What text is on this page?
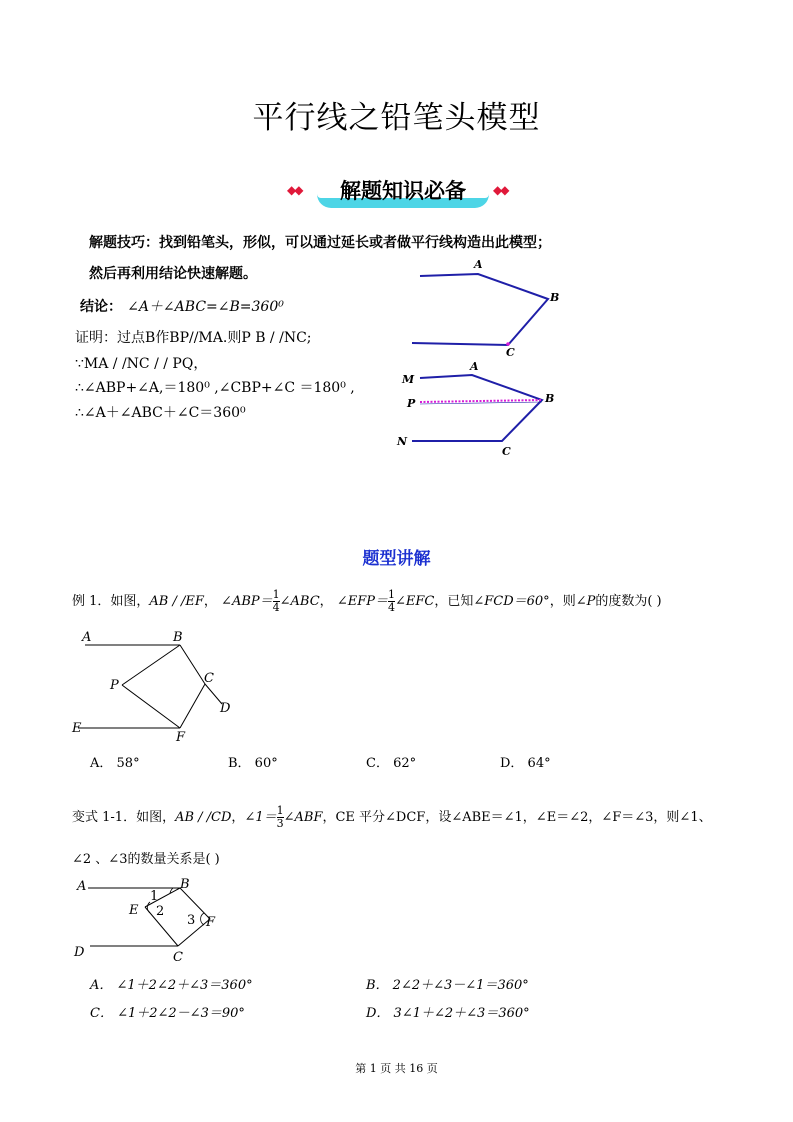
平行线之铅笔头模型
◆◆	解题知识必备	◆◆
解题技巧：找到铅笔头，形似，可以通过延长或者做平行线构造出此模型；
然后再利用结论快速解题。
结论： ∠A＋∠ABC=∠B=360⁰
证明：过点B作BP//MA.则P B / /NC;
∵MA / /NC / / PQ，
∴∠ABP+∠A,＝180⁰ ,∠CBP+∠C ＝180⁰ ,
∴∠A＋∠ABC＋∠C＝360⁰
A
B
C
M
A
P	B
N
C
题型讲解
例 1．如图，AB / /EF， ∠ABP＝ $\frac{1}{4}$ ∠ABC， ∠EFP＝ $\frac{1}{4}$ ∠EFC，已知∠FCD＝60°，则∠P的度数为( )
A	B
P	C
D
E
F
A． 58°	B． 60°	C． 62°	D． 64°
变式 1-1．如图，AB / /CD，∠1＝ $\frac{1}{3}$ ∠ABF，CE 平分∠DCF，设∠ABE＝∠1，∠E＝∠2，∠F＝∠3，则∠1、
∠2 、∠3的数量关系是( )
A	B
1
E 2
3 F
D	C
A． ∠1＋2∠2＋∠3＝360°	B． 2∠2＋∠3－∠1＝360°
C． ∠1＋2∠2－∠3＝90°	D． 3∠1＋∠2＋∠3＝360°
第 1 页 共 16 页
